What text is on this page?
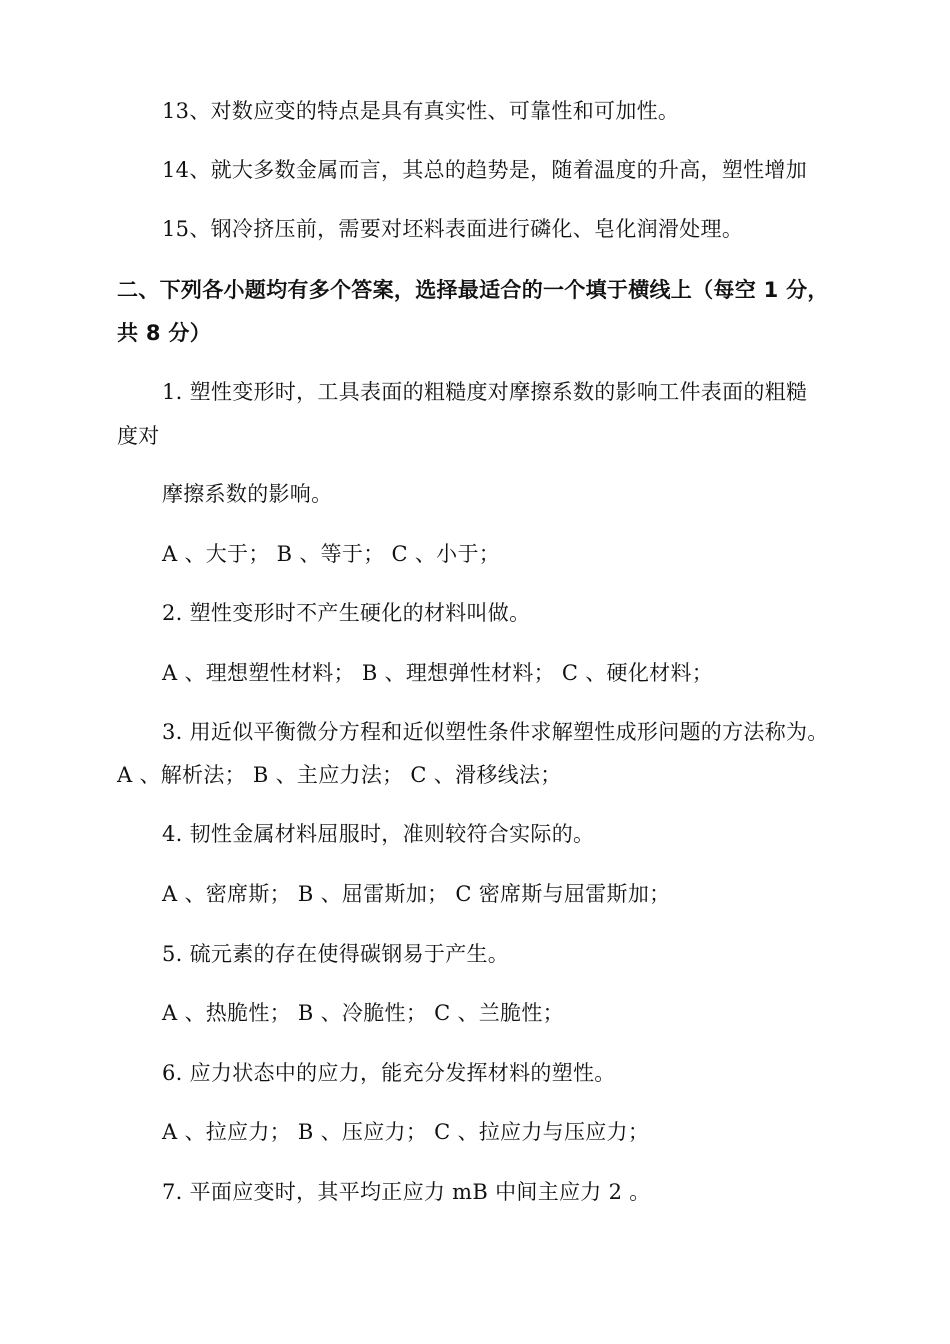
13、对数应变的特点是具有真实性、可靠性和可加性。
14、就大多数金属而言，其总的趋势是，随着温度的升高，塑性增加
15、钢冷挤压前，需要对坯料表面进行磷化、皂化润滑处理。
二、下列各小题均有多个答案，选择最适合的一个填于横线上（每空 1 分，
共 8 分）
1. 塑性变形时，工具表面的粗糙度对摩擦系数的影响工件表面的粗糙
度对
摩擦系数的影响。
A 、大于； B 、等于； C 、小于；
2. 塑性变形时不产生硬化的材料叫做。
A 、理想塑性材料； B 、理想弹性材料； C 、硬化材料；
3. 用近似平衡微分方程和近似塑性条件求解塑性成形问题的方法称为。
A 、解析法； B 、主应力法； C 、滑移线法；
4. 韧性金属材料屈服时，准则较符合实际的。
A 、密席斯； B 、屈雷斯加； C 密席斯与屈雷斯加；
5. 硫元素的存在使得碳钢易于产生。
A 、热脆性； B 、冷脆性； C 、兰脆性；
6. 应力状态中的应力，能充分发挥材料的塑性。
A 、拉应力； B 、压应力； C 、拉应力与压应力；
7. 平面应变时，其平均正应力 mB 中间主应力 2 。
